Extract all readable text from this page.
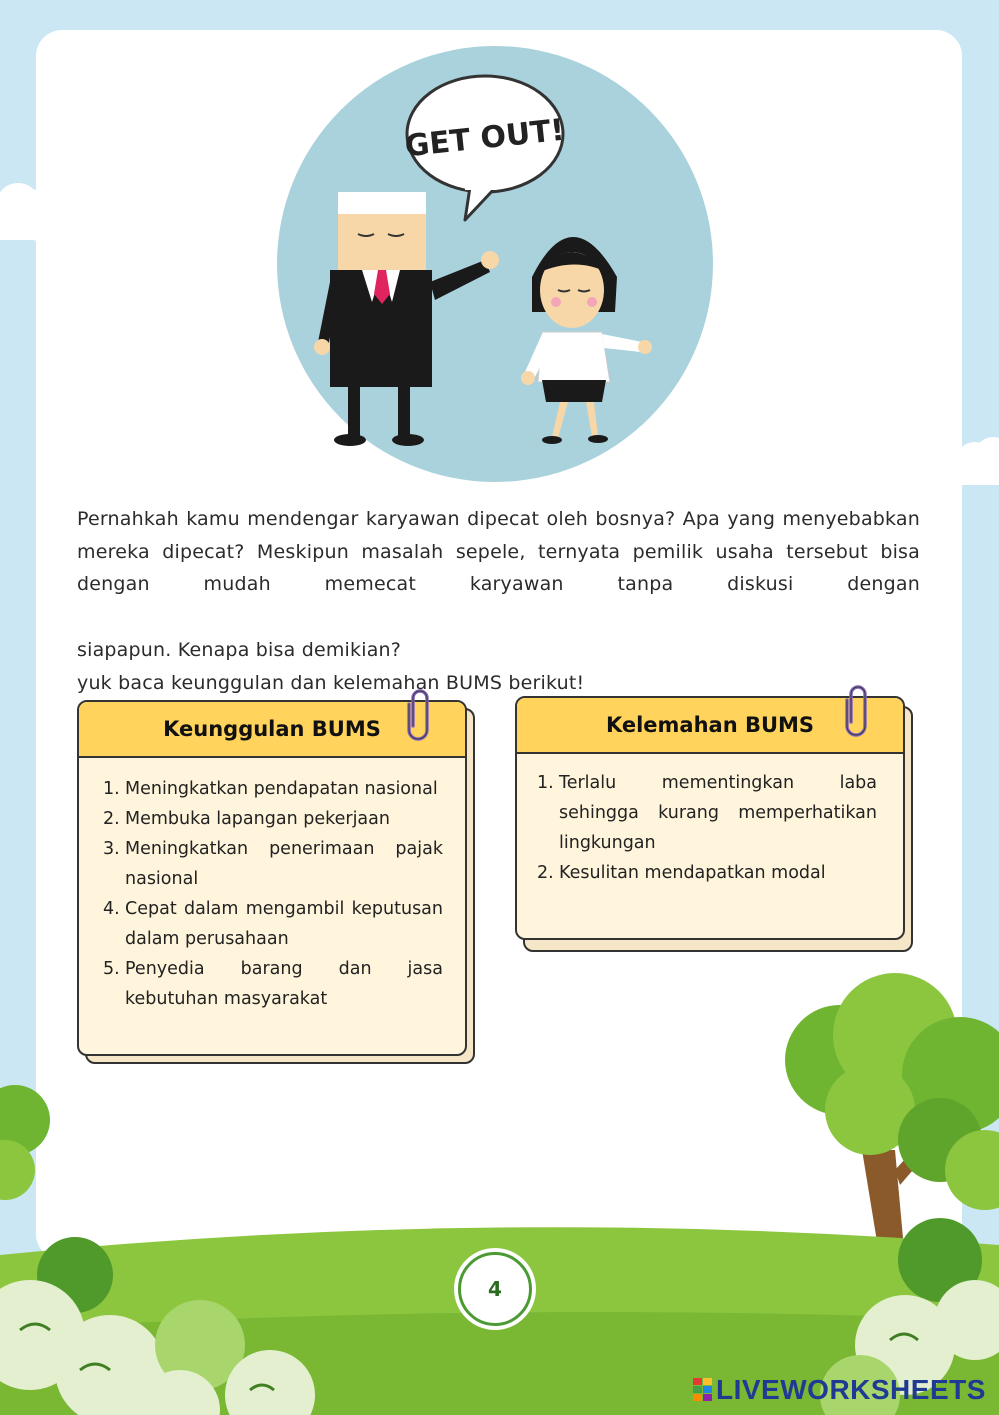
GET OUT!
Pernahkah kamu mendengar karyawan dipecat oleh bosnya? Apa yang menyebabkan mereka dipecat? Meskipun masalah sepele, ternyata pemilik usaha tersebut bisa dengan mudah memecat karyawan tanpa diskusi dengan
siapapun. Kenapa bisa demikian?
yuk baca keunggulan dan kelemahan BUMS berikut!
Keunggulan BUMS
1. Meningkatkan pendapatan nasional
2. Membuka lapangan pekerjaan
3. Meningkatkan penerimaan pajak nasional
4. Cepat dalam mengambil keputusan dalam perusahaan
5. Penyedia barang dan jasa kebutuhan masyarakat
Kelemahan BUMS
1. Terlalu mementingkan laba sehingga kurang memperhatikan lingkungan
2. Kesulitan mendapatkan modal
4
LIVEWORKSHEETS
